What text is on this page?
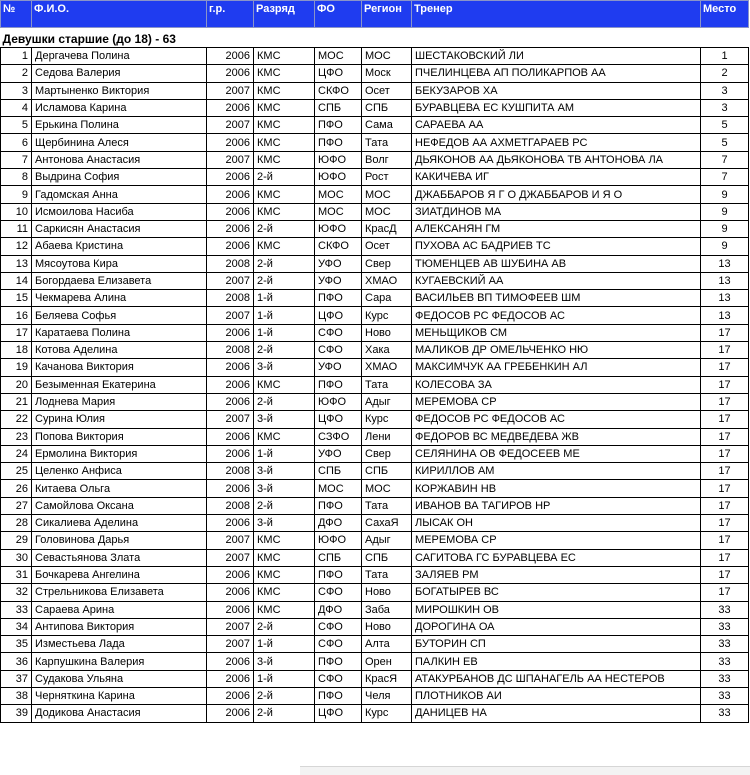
№	Ф.И.О.	г.р.	Разряд	ФО	Регион	Тренер	Место
Девушки старшие (до 18) - 63							
1	Дергачева Полина	2006	КМС	МОС	МОС	ШЕСТАКОВСКИЙ ЛИ	1
2	Седова Валерия	2006	КМС	ЦФО	Моск	ПЧЕЛИНЦЕВА АП ПОЛИКАРПОВ АА	2
3	Мартыненко Виктория	2007	КМС	СКФО	Осет	БЕКУЗАРОВ ХА	3
4	Исламова Карина	2006	КМС	СПБ	СПБ	БУРАВЦЕВА ЕС КУШПИТА АМ	3
5	Ерькина Полина	2007	КМС	ПФО	Сама	САРАЕВА АА	5
6	Щербинина Алеся	2006	КМС	ПФО	Тата	НЕФЕДОВ АА АХМЕТГАРАЕВ РС	5
7	Антонова Анастасия	2007	КМС	ЮФО	Волг	ДЬЯКОНОВ АА ДЬЯКОНОВА ТВ АНТОНОВА ЛА	7
8	Выдрина София	2006	2-й	ЮФО	Рост	КАКИЧЕВА ИГ	7
9	Гадомская Анна	2006	КМС	МОС	МОС	ДЖАББАРОВ Я Г О ДЖАББАРОВ И Я О	9
10	Исмоилова Насиба	2006	КМС	МОС	МОС	ЗИАТДИНОВ МА	9
11	Саркисян Анастасия	2006	2-й	ЮФО	КрасД	АЛЕКСАНЯН ГМ	9
12	Абаева Кристина	2006	КМС	СКФО	Осет	ПУХОВА АС БАДРИЕВ ТС	9
13	Мясоутова Кира	2008	2-й	УФО	Свер	ТЮМЕНЦЕВ АВ ШУБИНА АВ	13
14	Богордаева Елизавета	2007	2-й	УФО	ХМАО	КУГАЕВСКИЙ АА	13
15	Чекмарева Алина	2008	1-й	ПФО	Сара	ВАСИЛЬЕВ ВП ТИМОФЕЕВ ШМ	13
16	Беляева Софья	2007	1-й	ЦФО	Курс	ФЕДОСОВ РС ФЕДОСОВ АС	13
17	Каратаева Полина	2006	1-й	СФО	Ново	МЕНЬЩИКОВ СМ	17
18	Котова Аделина	2008	2-й	СФО	Хака	МАЛИКОВ ДР ОМЕЛЬЧЕНКО НЮ	17
19	Качанова Виктория	2006	3-й	УФО	ХМАО	МАКСИМЧУК АА ГРЕБЕНКИН АЛ	17
20	Безыменная Екатерина	2006	КМС	ПФО	Тата	КОЛЕСОВА ЗА	17
21	Лоднева Мария	2006	2-й	ЮФО	Адыг	МЕРЕМОВА СР	17
22	Сурина Юлия	2007	3-й	ЦФО	Курс	ФЕДОСОВ РС ФЕДОСОВ АС	17
23	Попова Виктория	2006	КМС	СЗФО	Лени	ФЕДОРОВ ВС МЕДВЕДЕВА ЖВ	17
24	Ермолина Виктория	2006	1-й	УФО	Свер	СЕЛЯНИНА ОВ ФЕДОСЕЕВ МЕ	17
25	Целенко Анфиса	2008	3-й	СПБ	СПБ	КИРИЛЛОВ АМ	17
26	Китаева Ольга	2006	3-й	МОС	МОС	КОРЖАВИН НВ	17
27	Самойлова Оксана	2008	2-й	ПФО	Тата	ИВАНОВ ВА ТАГИРОВ НР	17
28	Сикалиева Аделина	2006	3-й	ДФО	СахаЯ	ЛЫСАК ОН	17
29	Головинова Дарья	2007	КМС	ЮФО	Адыг	МЕРЕМОВА СР	17
30	Севастьянова Злата	2007	КМС	СПБ	СПБ	САГИТОВА ГС БУРАВЦЕВА ЕС	17
31	Бочкарева Ангелина	2006	КМС	ПФО	Тата	ЗАЛЯЕВ РМ	17
32	Стрельникова Елизавета	2006	КМС	СФО	Ново	БОГАТЫРЕВ ВС	17
33	Сараева Арина	2006	КМС	ДФО	Заба	МИРОШКИН ОВ	33
34	Антипова Виктория	2007	2-й	СФО	Ново	ДОРОГИНА ОА	33
35	Изместьева Лада	2007	1-й	СФО	Алта	БУТОРИН СП	33
36	Карпушкина Валерия	2006	3-й	ПФО	Орен	ПАЛКИН ЕВ	33
37	Судакова Ульяна	2006	1-й	СФО	КрасЯ	АТАКУРБАНОВ ДС ШПАНАГЕЛЬ АА НЕСТЕРОВ	33
38	Черняткина Карина	2006	2-й	ПФО	Челя	ПЛОТНИКОВ АИ	33
39	Додикова Анастасия	2006	2-й	ЦФО	Курс	ДАНИЦЕВ НА	33
